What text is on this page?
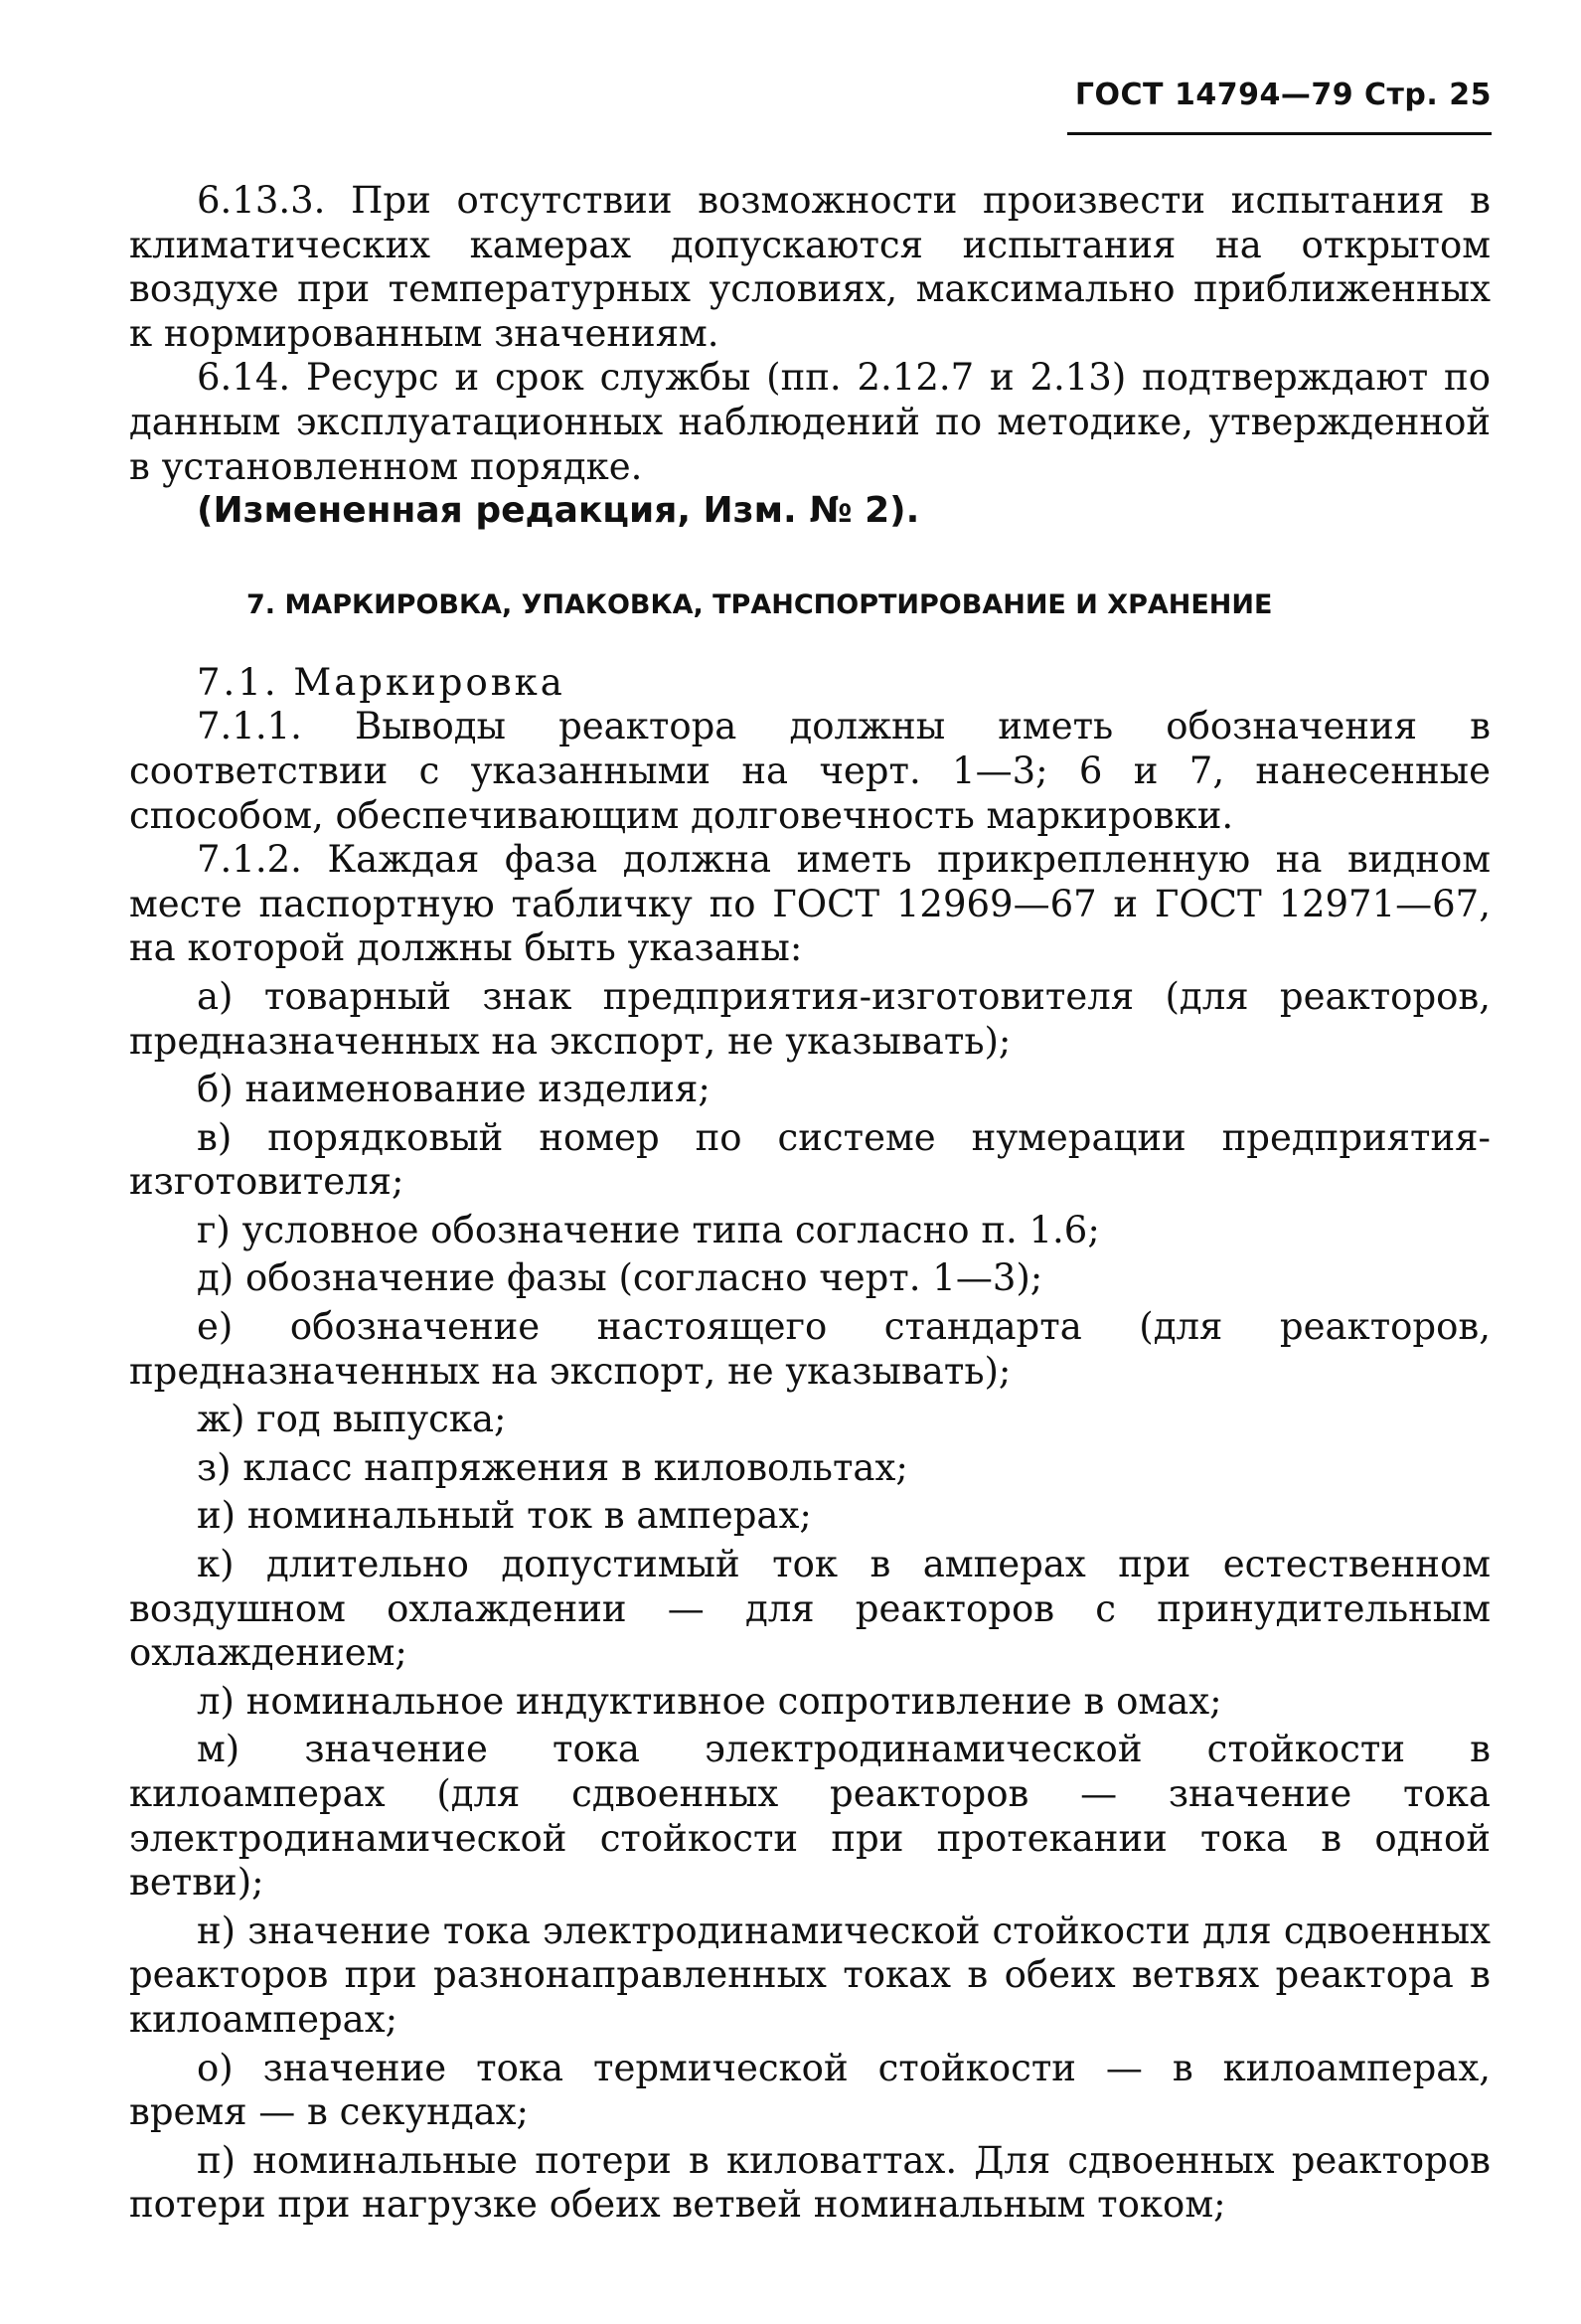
ГОСТ 14794—79 Стр. 25

6.13.3. При отсутствии возможности произвести испытания в климатических камерах допускаются испытания на открытом воздухе при температурных условиях, максимально приближенных к нормированным значениям.

6.14. Ресурс и срок службы (пп. 2.12.7 и 2.13) подтверждают по данным эксплуатационных наблюдений по методике, утвержденной в установленном порядке.

(Измененная редакция, Изм. № 2).

7. МАРКИРОВКА, УПАКОВКА, ТРАНСПОРТИРОВАНИЕ И ХРАНЕНИЕ

7.1. Маркировка

7.1.1. Выводы реактора должны иметь обозначения в соответствии с указанными на черт. 1—3; 6 и 7, нанесенные способом, обеспечивающим долговечность маркировки.

7.1.2. Каждая фаза должна иметь прикрепленную на видном месте паспортную табличку по ГОСТ 12969—67 и ГОСТ 12971—67, на которой должны быть указаны:

а) товарный знак предприятия-изготовителя (для реакторов, предназначенных на экспорт, не указывать);

б) наименование изделия;

в) порядковый номер по системе нумерации предприятия-изготовителя;

г) условное обозначение типа согласно п. 1.6;

д) обозначение фазы (согласно черт. 1—3);

е) обозначение настоящего стандарта (для реакторов, предназначенных на экспорт, не указывать);

ж) год выпуска;

з) класс напряжения в киловольтах;

и) номинальный ток в амперах;

к) длительно допустимый ток в амперах при естественном воздушном охлаждении — для реакторов с принудительным охлаждением;

л) номинальное индуктивное сопротивление в омах;

м) значение тока электродинамической стойкости в килоамперах (для сдвоенных реакторов — значение тока электродинамической стойкости при протекании тока в одной ветви);

н) значение тока электродинамической стойкости для сдвоенных реакторов при разнонаправленных токах в обеих ветвях реактора в килоамперах;

о) значение тока термической стойкости — в килоамперах, время — в секундах;

п) номинальные потери в киловаттах. Для сдвоенных реакторов потери при нагрузке обеих ветвей номинальным током;
